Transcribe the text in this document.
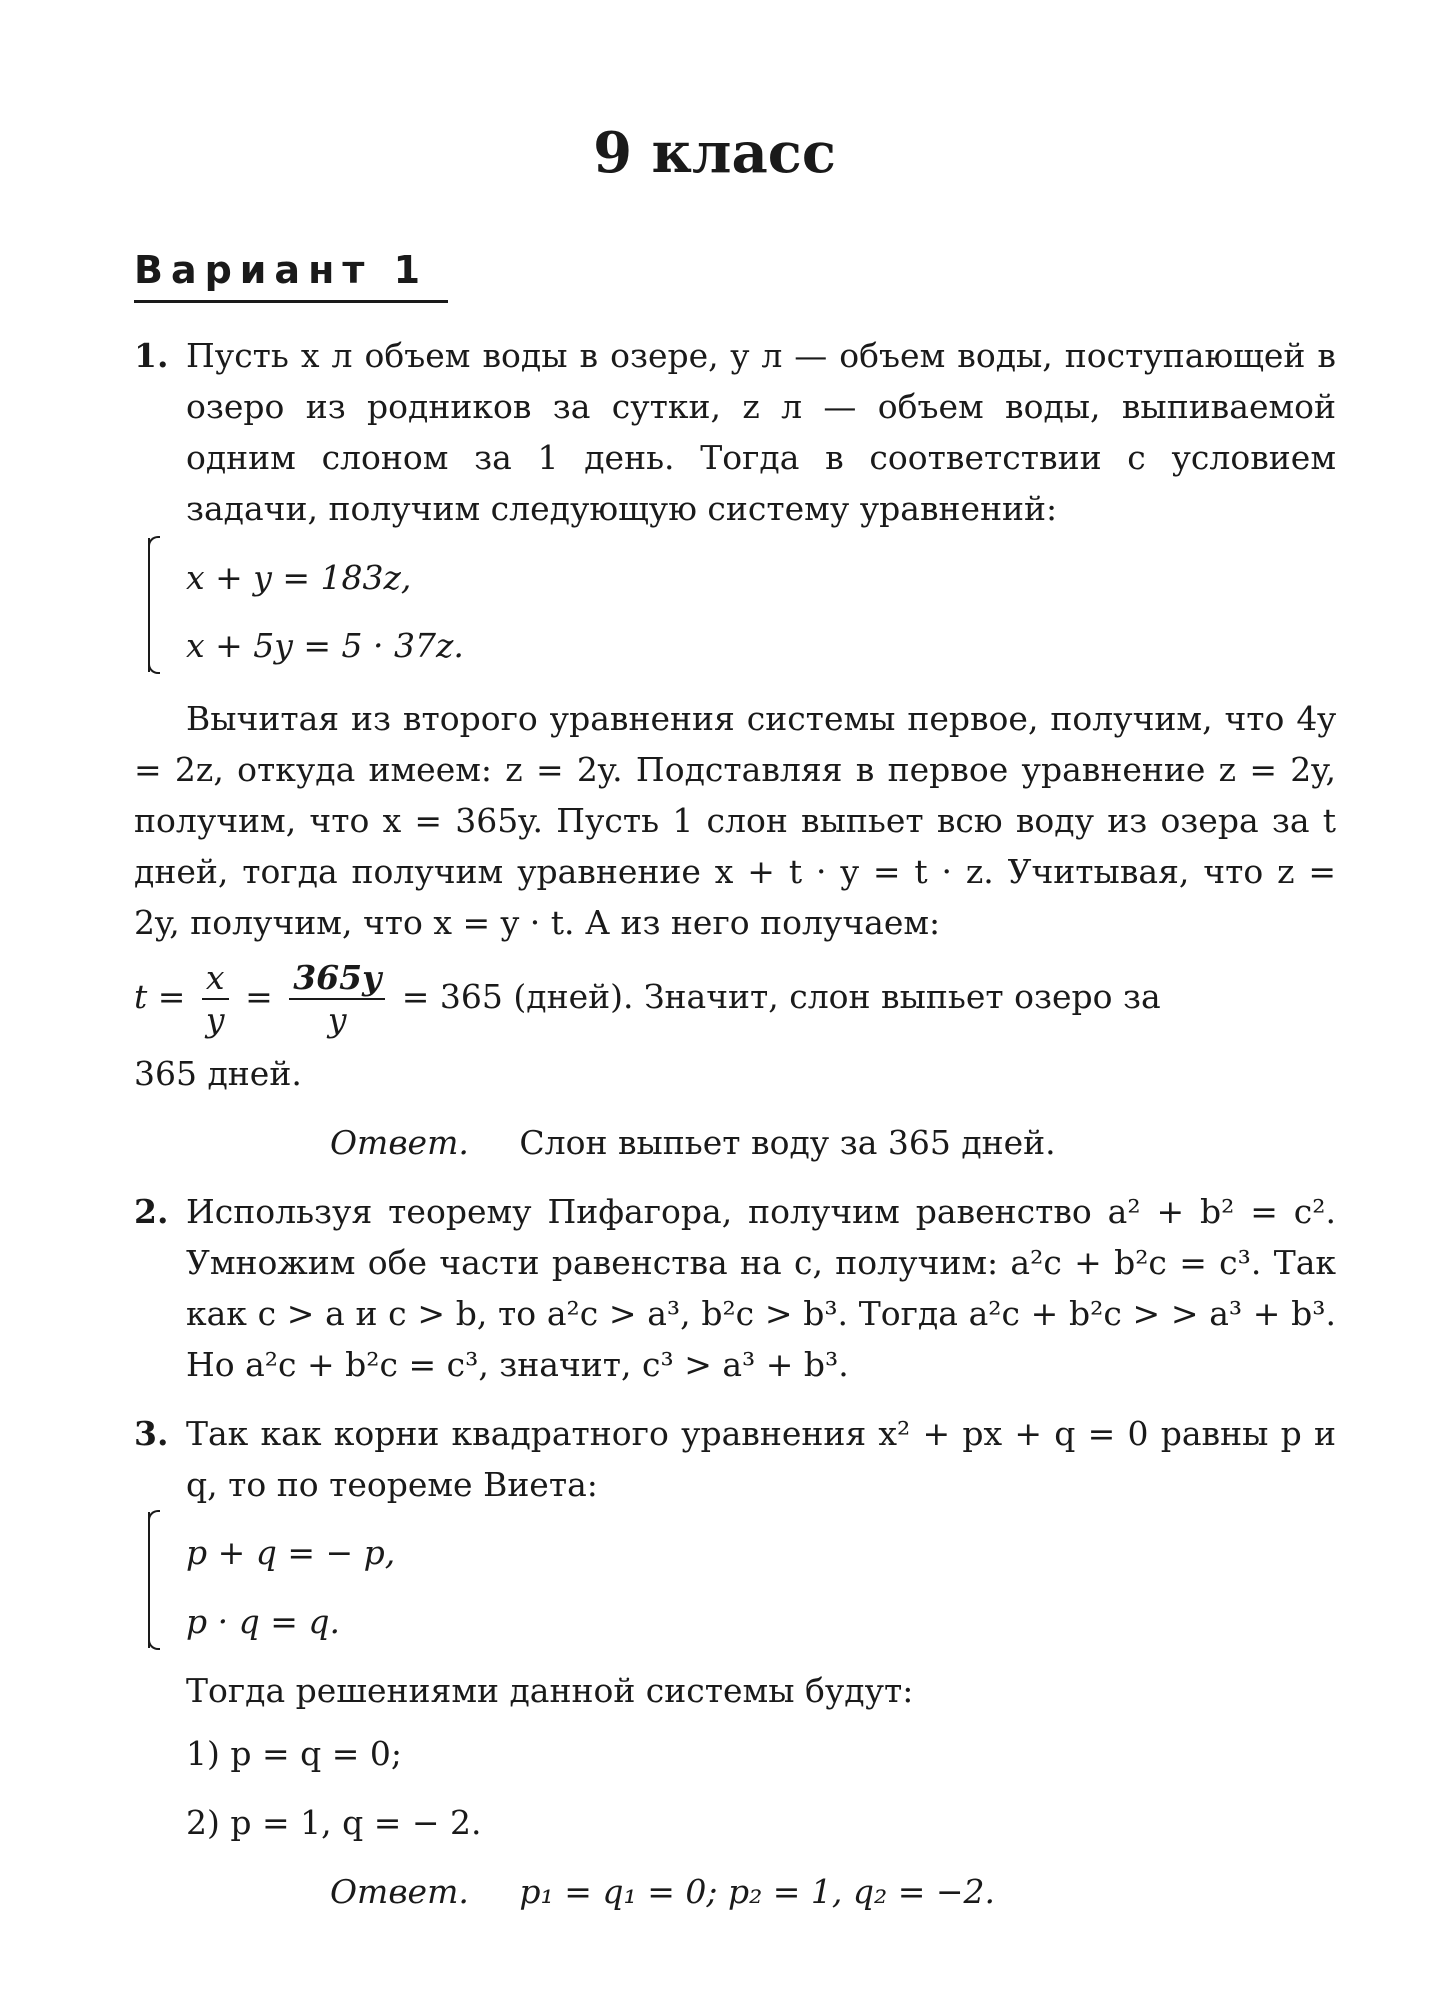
9 класс
Вариант 1
1. Пусть x л объем воды в озере, y л — объем воды, поступающей в озеро из родников за сутки, z л — объем воды, выпиваемой одним слоном за 1 день. Тогда в соответствии с условием задачи, получим следующую систему уравнений:

x + y = 183z,
x + 5y = 5 · 37z.

Вычитая из второго уравнения системы первое, получим, что 4y = 2z, откуда имеем: z = 2y. Подставляя в первое уравнение z = 2y, получим, что x = 365y. Пусть 1 слон выпьет всю воду из озера за t дней, тогда получим уравнение x + t · y = t · z. Учитывая, что z = 2y, получим, что x = y · t. А из него получаем:

$t = \frac{x}{y} = \frac{365y}{y} = 365$ (дней). Значит, слон выпьет озеро за
365 дней.
Ответ. Слон выпьет воду за 365 дней.
2. Используя теорему Пифагора, получим равенство a² + b² = c². Умножим обе части равенства на c, получим: a²c + b²c = c³. Так как c > a и c > b, то a²c > a³, b²c > b³. Тогда a²c + b²c > > a³ + b³. Но a²c + b²c = c³, значит, c³ > a³ + b³.

3. Так как корни квадратного уравнения x² + px + q = 0 равны p и q, то по теореме Виета:

p + q = − p,
p · q = q.
Тогда решениями данной системы будут:
1) p = q = 0;
2) p = 1, q = − 2.
Ответ. p₁ = q₁ = 0; p₂ = 1, q₂ = −2.
